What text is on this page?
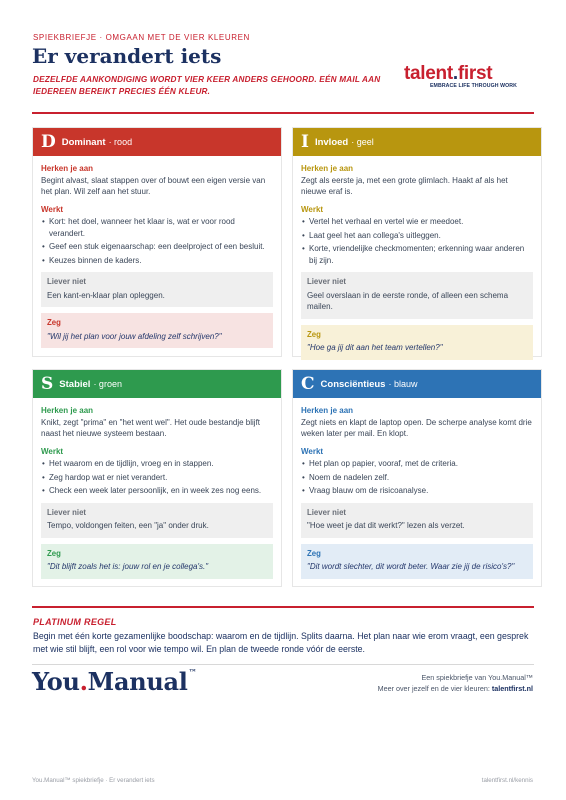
SPIEKBRIEFJE · OMGAAN MET DE VIER KLEUREN
Er verandert iets
DEZELFDE AANKONDIGING WORDT VIER KEER ANDERS GEHOORD. EÉN MAIL AAN IEDEREEN BEREIKT PRECIES ÉÉN KLEUR.
talent.first
EMBRACE LIFE THROUGH WORK
D Dominant · rood
Herken je aan
Begint alvast, slaat stappen over of bouwt een eigen versie van het plan. Wil zelf aan het stuur.
Werkt
• Kort: het doel, wanneer het klaar is, wat er voor rood verandert.
• Geef een stuk eigenaarschap: een deelproject of een besluit.
• Keuzes binnen de kaders.
Liever niet
Een kant-en-klaar plan opleggen.
Zeg
"Wil jij het plan voor jouw afdeling zelf schrijven?"
I Invloed · geel
Herken je aan
Zegt als eerste ja, met een grote glimlach. Haakt af als het nieuwe eraf is.
Werkt
• Vertel het verhaal en vertel wie er meedoet.
• Laat geel het aan collega's uitleggen.
• Korte, vriendelijke checkmomenten; erkenning waar anderen bij zijn.
Liever niet
Geel overslaan in de eerste ronde, of alleen een schema mailen.
Zeg
"Hoe ga jij dit aan het team vertellen?"
S Stabiel · groen
Herken je aan
Knikt, zegt "prima" en "het went wel". Het oude bestandje blijft naast het nieuwe systeem bestaan.
Werkt
• Het waarom en de tijdlijn, vroeg en in stappen.
• Zeg hardop wat er niet verandert.
• Check een week later persoonlijk, en in week zes nog eens.
Liever niet
Tempo, voldongen feiten, een "ja" onder druk.
Zeg
"Dit blijft zoals het is: jouw rol en je collega's."
C Consciëntieus · blauw
Herken je aan
Zegt niets en klapt de laptop open. De scherpe analyse komt drie weken later per mail. En klopt.
Werkt
• Het plan op papier, vooraf, met de criteria.
• Noem de nadelen zelf.
• Vraag blauw om de risicoanalyse.
Liever niet
"Hoe weet je dat dit werkt?" lezen als verzet.
Zeg
"Dit wordt slechter, dit wordt beter. Waar zie jij de risico's?"
PLATINUM REGEL
Begin met één korte gezamenlijke boodschap: waarom en de tijdlijn. Splits daarna. Het plan naar wie erom vraagt, een gesprek met wie stil blijft, een rol voor wie tempo wil. En plan de tweede ronde vóór de eerste.
You.Manual™
Een spiekbriefje van You.Manual™
Meer over jezelf en de vier kleuren: talentfirst.nl
You.Manual™ spiekbriefje · Er verandert iets	talentfirst.nl/kennis
